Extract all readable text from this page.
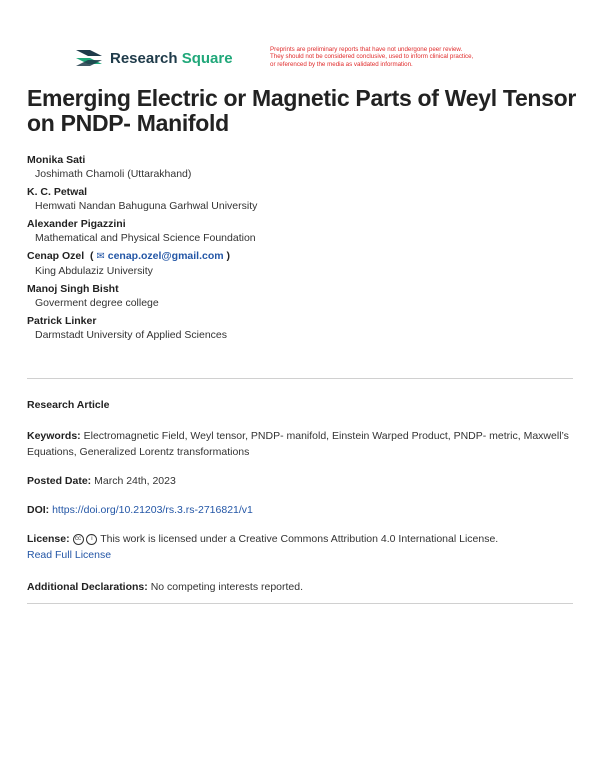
Research Square	Preprints are preliminary reports that have not undergone peer review.
They should not be considered conclusive, used to inform clinical practice,
or referenced by the media as validated information.
Emerging Electric or Magnetic Parts of Weyl Tensor on PNDP- Manifold
Monika Sati
Joshimath Chamoli (Uttarakhand)
K. C. Petwal
Hemwati Nandan Bahuguna Garhwal University
Alexander Pigazzini
Mathematical and Physical Science Foundation
Cenap Ozel  ( ✉ cenap.ozel@gmail.com )
King Abdulaziz University
Manoj Singh Bisht
Goverment degree college
Patrick Linker
Darmstadt University of Applied Sciences
Research Article
Keywords: Electromagnetic Field, Weyl tensor, PNDP- manifold, Einstein Warped Product, PNDP- metric, Maxwell’s Equations, Generalized Lorentz transformations
Posted Date: March 24th, 2023
DOI: https://doi.org/10.21203/rs.3.rs-2716821/v1
License: cc i This work is licensed under a Creative Commons Attribution 4.0 International License.
Read Full License
Additional Declarations: No competing interests reported.
